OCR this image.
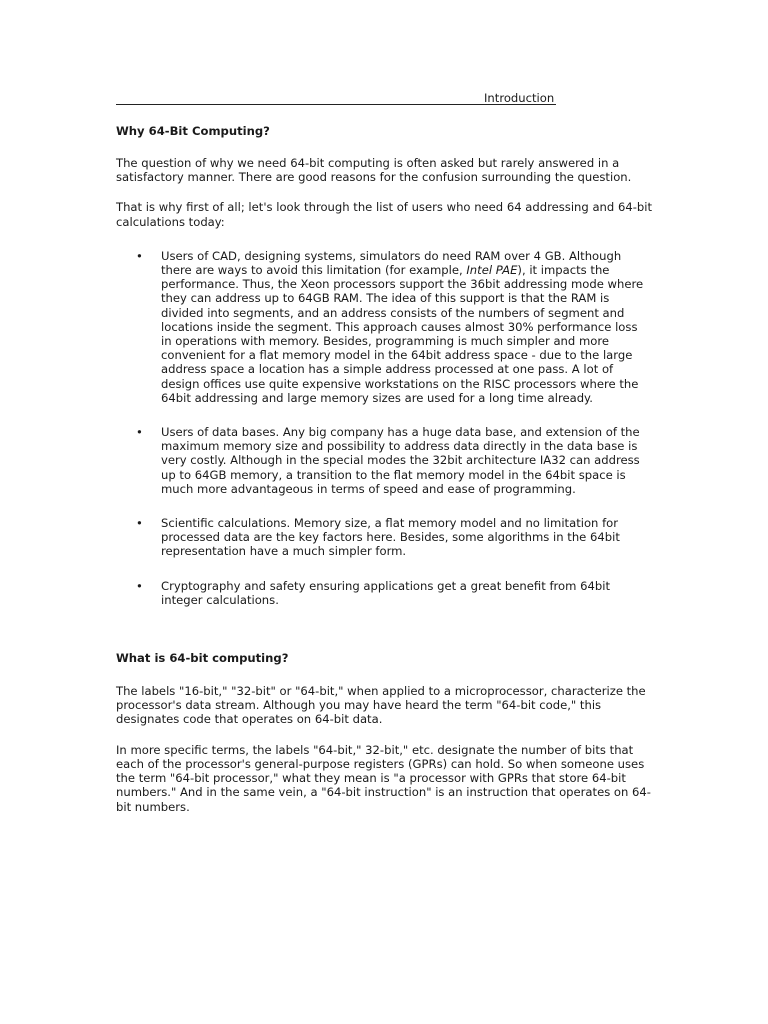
Introduction
Why 64-Bit Computing?

The question of why we need 64-bit computing is often asked but rarely answered in a satisfactory manner. There are good reasons for the confusion surrounding the question.

That is why first of all; let's look through the list of users who need 64 addressing and 64-bit calculations today:

• Users of CAD, designing systems, simulators do need RAM over 4 GB. Although there are ways to avoid this limitation (for example, Intel PAE), it impacts the performance. Thus, the Xeon processors support the 36bit addressing mode where they can address up to 64GB RAM. The idea of this support is that the RAM is divided into segments, and an address consists of the numbers of segment and locations inside the segment. This approach causes almost 30% performance loss in operations with memory. Besides, programming is much simpler and more convenient for a flat memory model in the 64bit address space - due to the large address space a location has a simple address processed at one pass. A lot of design offices use quite expensive workstations on the RISC processors where the 64bit addressing and large memory sizes are used for a long time already.
• Users of data bases. Any big company has a huge data base, and extension of the maximum memory size and possibility to address data directly in the data base is very costly. Although in the special modes the 32bit architecture IA32 can address up to 64GB memory, a transition to the flat memory model in the 64bit space is much more advantageous in terms of speed and ease of programming.
• Scientific calculations. Memory size, a flat memory model and no limitation for processed data are the key factors here. Besides, some algorithms in the 64bit representation have a much simpler form.
• Cryptography and safety ensuring applications get a great benefit from 64bit integer calculations.
What is 64-bit computing?

The labels "16-bit," "32-bit" or "64-bit," when applied to a microprocessor, characterize the processor's data stream. Although you may have heard the term "64-bit code," this designates code that operates on 64-bit data.

In more specific terms, the labels "64-bit," 32-bit," etc. designate the number of bits that each of the processor's general-purpose registers (GPRs) can hold. So when someone uses the term "64-bit processor," what they mean is "a processor with GPRs that store 64-bit numbers." And in the same vein, a "64-bit instruction" is an instruction that operates on 64-bit numbers.
